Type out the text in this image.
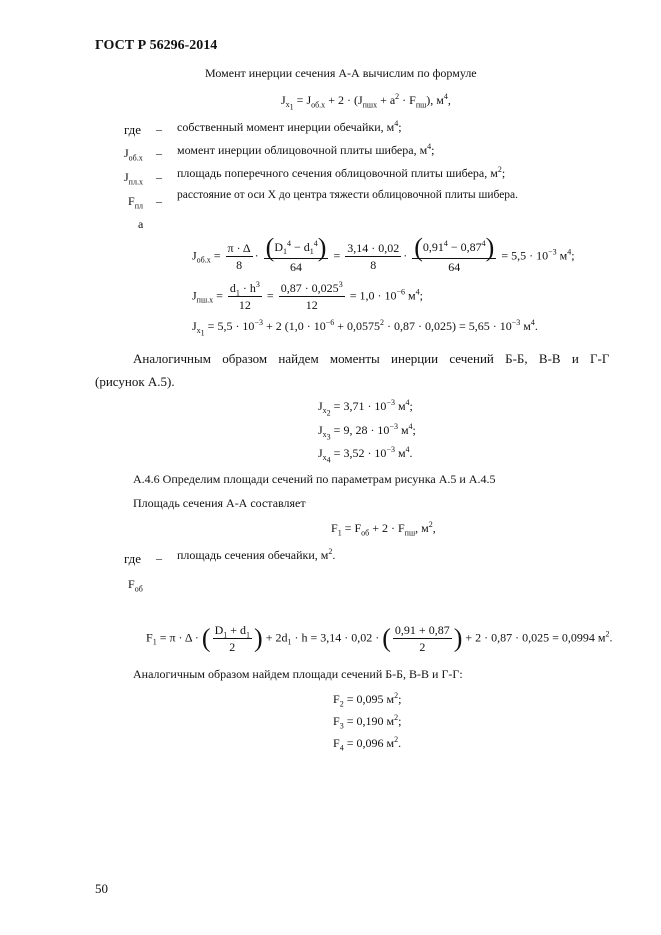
ГОСТ Р 56296-2014
Момент инерции сечения А-А вычислим по формуле
$J_{x_1} = J_{об.х} + 2 \cdot (J_{пшх} + a^2 \cdot F_{пш})$, $м^4$,
где – собственный момент инерции обечайки, $м^4$;
$J_{об.х}$ – момент инерции облицовочной плиты шибера, $м^4$;
$J_{пл.х}$ – площадь поперечного сечения облицовочной плиты шибера, $м^2$;
$F_{пл}$ – расстояние от оси Х до центра тяжести облицовочной плиты шибера.
a
$J_{об.х} = \frac{\pi \cdot \Delta}{8} \cdot \frac{(D_1^4 - d_1^4)}{64} = \frac{3,14 \cdot 0,02}{8} \cdot \frac{(0,91^4 - 0,87^4)}{64} = 5,5 \cdot 10^{-3}$ $м^4$;
$J_{пш.х} = \frac{d_1 \cdot h^3}{12} = \frac{0,87 \cdot 0,025^3}{12} = 1,0 \cdot 10^{-6}$ $м^4$;
$J_{x_1} = 5,5 \cdot 10^{-3} + 2$ $(1,0 \cdot 10^{-6} + 0,0575^2 \cdot 0,87 \cdot 0,025) = 5,65 \cdot 10^{-3}$ $м^4$.
Аналогичным образом найдем моменты инерции сечений Б-Б, В-В и Г-Г
(рисунок А.5).
$J_{x_2} = 3,71 \cdot 10^{-3}$ $м^4$;
$J_{x_3} = 9$, $28 \cdot 10^{-3}$ $м^4$;
$J_{x_4} = 3,52 \cdot 10^{-3}$ $м^4$.
А.4.6 Определим площади сечений по параметрам рисунка А.5 и А.4.5
Площадь сечения А-А составляет
$F_1 = F_{об} + 2 \cdot F_{пш}$, $м^2$,
где – площадь сечения обечайки, $м^2$.
$F_{об}$
$F_1 = \pi \cdot \Delta$ · ( $\frac{D_1 + d_1}{2}$ ) + $2d_1 \cdot h = 3,14 \cdot 0,02$ · ( $\frac{0,91 + 0,87}{2}$ ) + 2 · 0,87 · 0,025 = 0,0994 $м^2$.
Аналогичным образом найдем площади сечений Б-Б, В-В и Г-Г:
$F_2 = 0,095$ $м^2$;
$F_3 = 0,190$ $м^2$;
$F_4 = 0,096$ $м^2$.
50
